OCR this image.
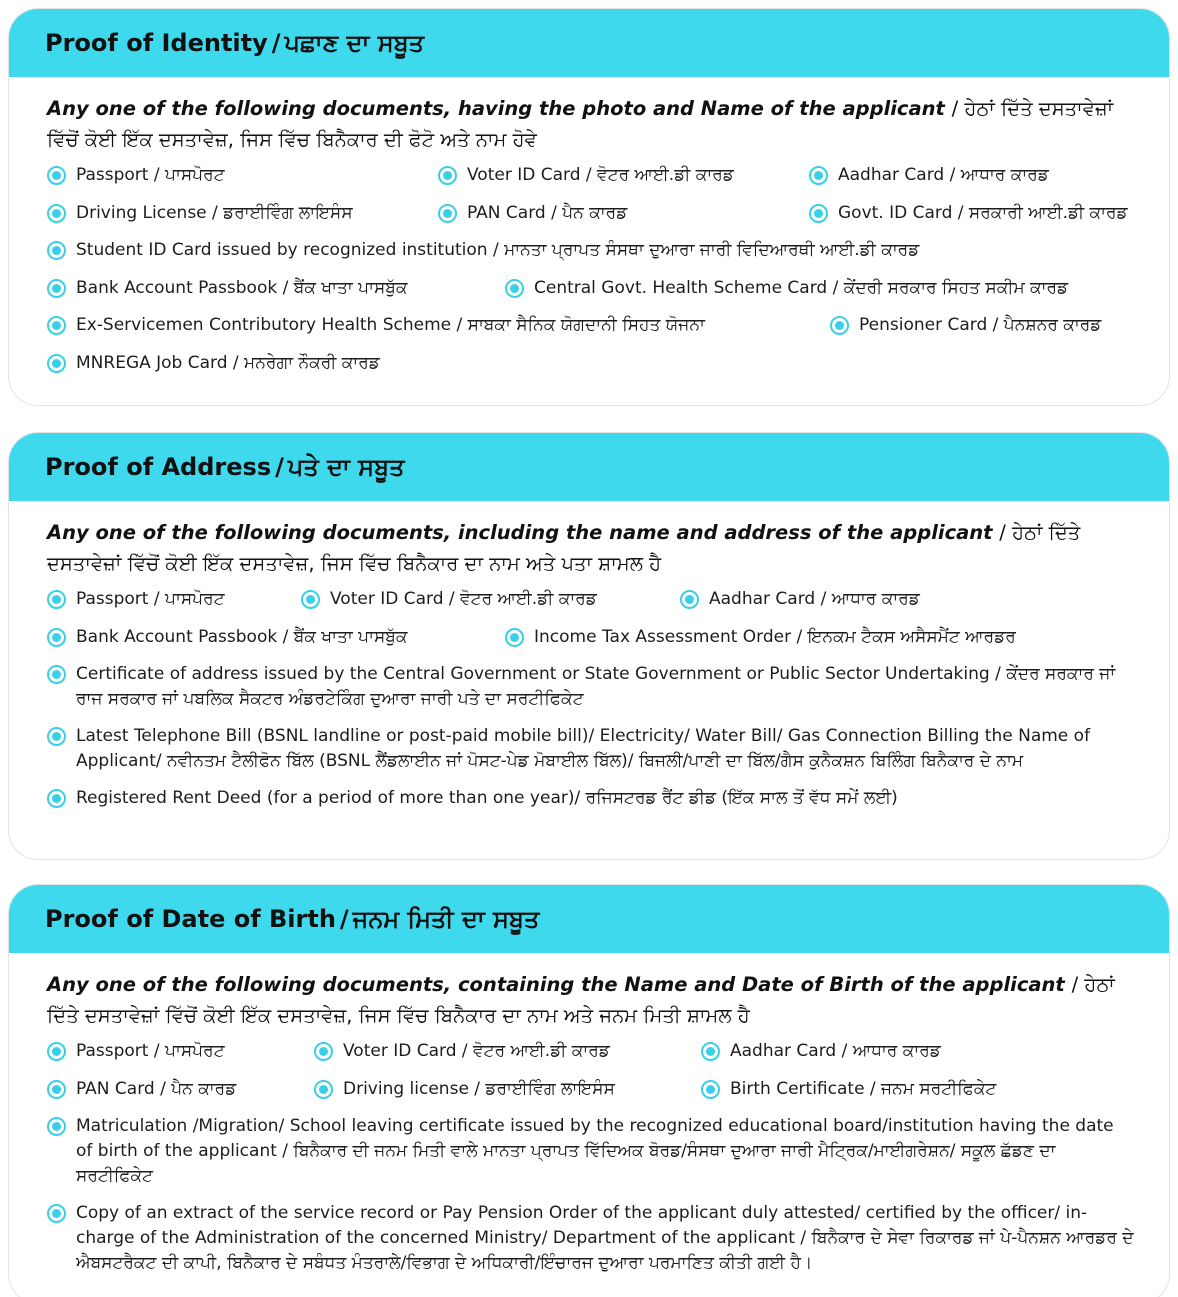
Proof of Identity / ਪਛਾਣ ਦਾ ਸਬੂਤ

Any one of the following documents, having the photo and Name of the applicant / ਹੇਠਾਂ ਦਿੱਤੇ ਦਸਤਾਵੇਜ਼ਾਂ ਵਿੱਚੋਂ ਕੋਈ ਇੱਕ ਦਸਤਾਵੇਜ਼, ਜਿਸ ਵਿੱਚ ਬਿਨੈਕਾਰ ਦੀ ਫੋਟੋ ਅਤੇ ਨਾਮ ਹੋਵੇ

Passport / ਪਾਸਪੋਰਟ	Voter ID Card / ਵੋਟਰ ਆਈ.ਡੀ ਕਾਰਡ	Aadhar Card / ਆਧਾਰ ਕਾਰਡ
Driving License / ਡਰਾਈਵਿੰਗ ਲਾਇਸੰਸ	PAN Card / ਪੈਨ ਕਾਰਡ	Govt. ID Card / ਸਰਕਾਰੀ ਆਈ.ਡੀ ਕਾਰਡ
Student ID Card issued by recognized institution / ਮਾਨਤਾ ਪ੍ਰਾਪਤ ਸੰਸਥਾ ਦੁਆਰਾ ਜਾਰੀ ਵਿਦਿਆਰਥੀ ਆਈ.ਡੀ ਕਾਰਡ
Bank Account Passbook / ਬੈਂਕ ਖਾਤਾ ਪਾਸਬੁੱਕ	Central Govt. Health Scheme Card / ਕੇਂਦਰੀ ਸਰਕਾਰ ਸਿਹਤ ਸਕੀਮ ਕਾਰਡ
Ex-Servicemen Contributory Health Scheme / ਸਾਬਕਾ ਸੈਨਿਕ ਯੋਗਦਾਨੀ ਸਿਹਤ ਯੋਜਨਾ	Pensioner Card / ਪੈਨਸ਼ਨਰ ਕਾਰਡ
MNREGA Job Card / ਮਨਰੇਗਾ ਨੌਕਰੀ ਕਾਰਡ
Proof of Address / ਪਤੇ ਦਾ ਸਬੂਤ

Any one of the following documents, including the name and address of the applicant / ਹੇਠਾਂ ਦਿੱਤੇ ਦਸਤਾਵੇਜ਼ਾਂ ਵਿੱਚੋਂ ਕੋਈ ਇੱਕ ਦਸਤਾਵੇਜ਼, ਜਿਸ ਵਿੱਚ ਬਿਨੈਕਾਰ ਦਾ ਨਾਮ ਅਤੇ ਪਤਾ ਸ਼ਾਮਲ ਹੈ

Passport / ਪਾਸਪੋਰਟ	Voter ID Card / ਵੋਟਰ ਆਈ.ਡੀ ਕਾਰਡ	Aadhar Card / ਆਧਾਰ ਕਾਰਡ
Bank Account Passbook / ਬੈਂਕ ਖਾਤਾ ਪਾਸਬੁੱਕ	Income Tax Assessment Order / ਇਨਕਮ ਟੈਕਸ ਅਸੈਸਮੈਂਟ ਆਰਡਰ
Certificate of address issued by the Central Government or State Government or Public Sector Undertaking / ਕੇਂਦਰ ਸਰਕਾਰ ਜਾਂ ਰਾਜ ਸਰਕਾਰ ਜਾਂ ਪਬਲਿਕ ਸੈਕਟਰ ਅੰਡਰਟੇਕਿੰਗ ਦੁਆਰਾ ਜਾਰੀ ਪਤੇ ਦਾ ਸਰਟੀਫਿਕੇਟ
Latest Telephone Bill (BSNL landline or post-paid mobile bill)/ Electricity/ Water Bill/ Gas Connection Billing the Name of Applicant/ ਨਵੀਨਤਮ ਟੈਲੀਫੋਨ ਬਿੱਲ (BSNL ਲੈਂਡਲਾਈਨ ਜਾਂ ਪੋਸਟ-ਪੇਡ ਮੋਬਾਈਲ ਬਿੱਲ)/ ਬਿਜਲੀ/ਪਾਣੀ ਦਾ ਬਿੱਲ/ਗੈਸ ਕੁਨੈਕਸ਼ਨ ਬਿਲਿੰਗ ਬਿਨੈਕਾਰ ਦੇ ਨਾਮ
Registered Rent Deed (for a period of more than one year)/ ਰਜਿਸਟਰਡ ਰੈਂਟ ਡੀਡ (ਇੱਕ ਸਾਲ ਤੋਂ ਵੱਧ ਸਮੇਂ ਲਈ)
Proof of Date of Birth / ਜਨਮ ਮਿਤੀ ਦਾ ਸਬੂਤ

Any one of the following documents, containing the Name and Date of Birth of the applicant / ਹੇਠਾਂ ਦਿੱਤੇ ਦਸਤਾਵੇਜ਼ਾਂ ਵਿੱਚੋਂ ਕੋਈ ਇੱਕ ਦਸਤਾਵੇਜ਼, ਜਿਸ ਵਿੱਚ ਬਿਨੈਕਾਰ ਦਾ ਨਾਮ ਅਤੇ ਜਨਮ ਮਿਤੀ ਸ਼ਾਮਲ ਹੈ

Passport / ਪਾਸਪੋਰਟ	Voter ID Card / ਵੋਟਰ ਆਈ.ਡੀ ਕਾਰਡ	Aadhar Card / ਆਧਾਰ ਕਾਰਡ
PAN Card / ਪੈਨ ਕਾਰਡ	Driving license / ਡਰਾਈਵਿੰਗ ਲਾਇਸੰਸ	Birth Certificate / ਜਨਮ ਸਰਟੀਫਿਕੇਟ
Matriculation /Migration/ School leaving certificate issued by the recognized educational board/institution having the date of birth of the applicant / ਬਿਨੈਕਾਰ ਦੀ ਜਨਮ ਮਿਤੀ ਵਾਲੇ ਮਾਨਤਾ ਪ੍ਰਾਪਤ ਵਿੱਦਿਅਕ ਬੋਰਡ/ਸੰਸਥਾ ਦੁਆਰਾ ਜਾਰੀ ਮੈਟ੍ਰਿਕ/ਮਾਈਗਰੇਸ਼ਨ/ ਸਕੂਲ ਛੱਡਣ ਦਾ ਸਰਟੀਫਿਕੇਟ
Copy of an extract of the service record or Pay Pension Order of the applicant duly attested/ certified by the officer/ in-charge of the Administration of the concerned Ministry/ Department of the applicant / ਬਿਨੈਕਾਰ ਦੇ ਸੇਵਾ ਰਿਕਾਰਡ ਜਾਂ ਪੇ-ਪੈਨਸ਼ਨ ਆਰਡਰ ਦੇ ਐਬਸਟਰੈਕਟ ਦੀ ਕਾਪੀ, ਬਿਨੈਕਾਰ ਦੇ ਸਬੰਧਤ ਮੰਤਰਾਲੇ/ਵਿਭਾਗ ਦੇ ਅਧਿਕਾਰੀ/ਇੰਚਾਰਜ ਦੁਆਰਾ ਪਰਮਾਣਿਤ ਕੀਤੀ ਗਈ ਹੈ।
